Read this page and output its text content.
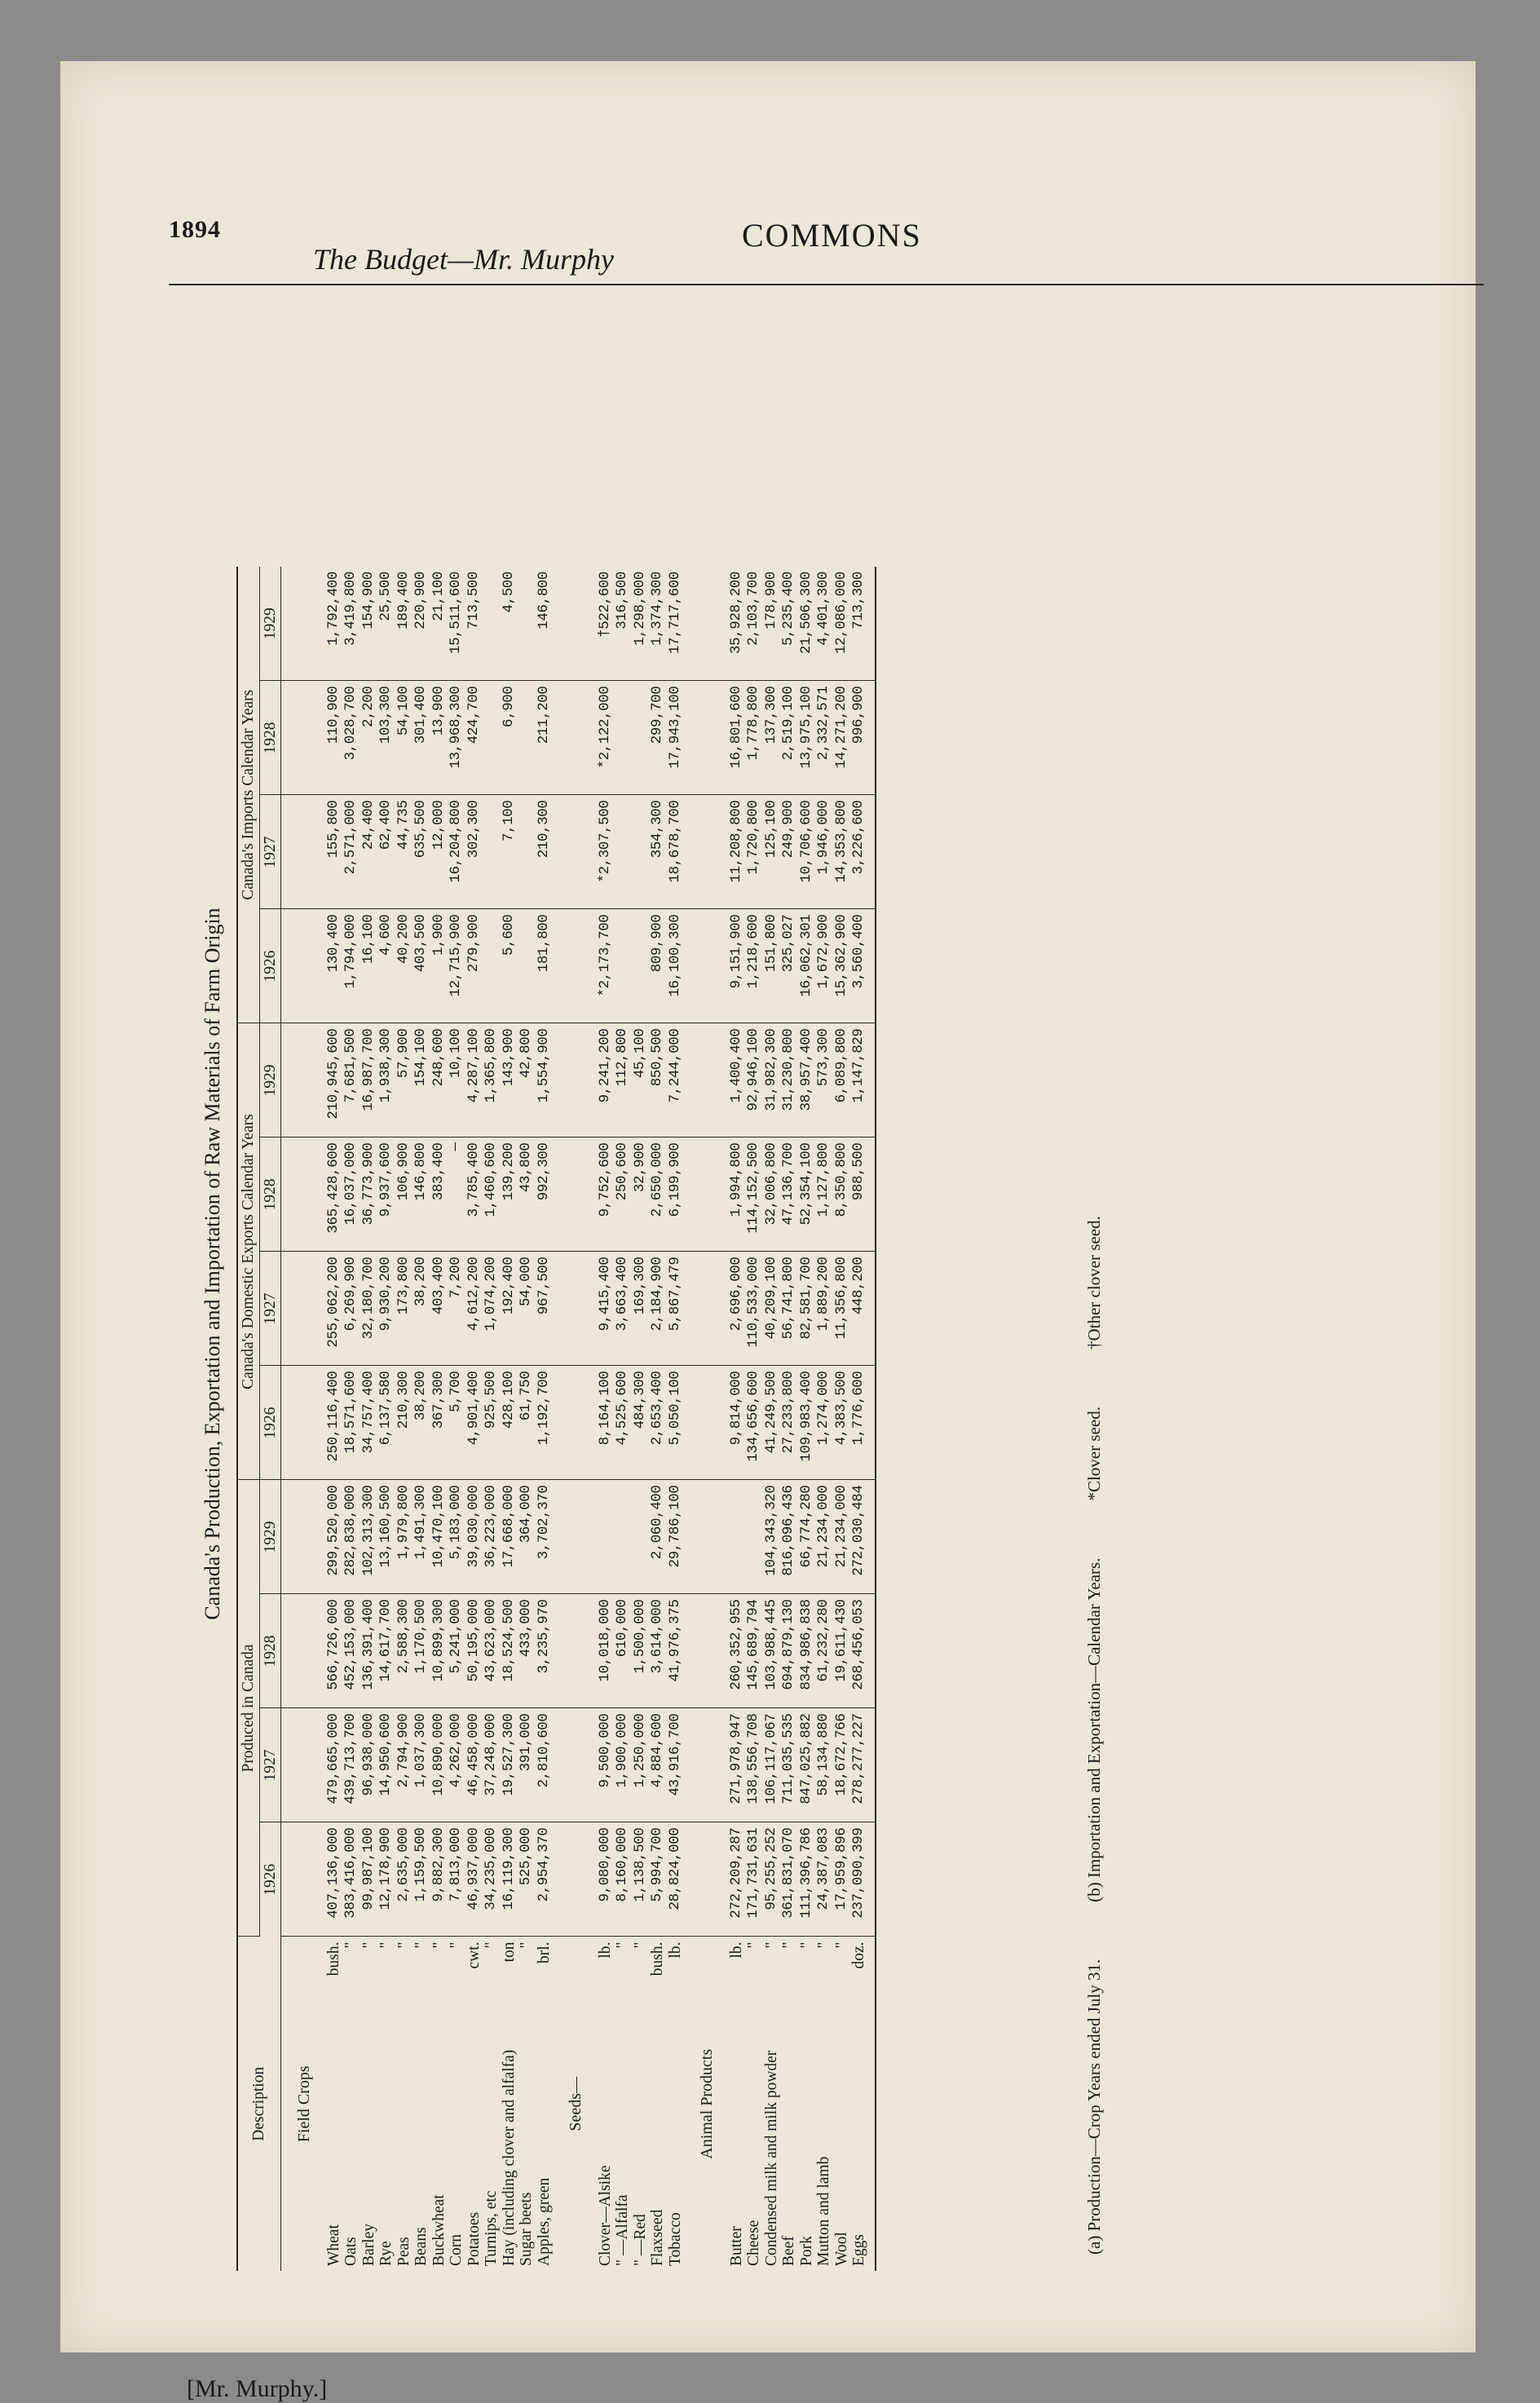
1894
The Budget—Mr. Murphy
COMMONS
[Mr. Murphy.]
Canada's Production, Exportation and Importation of Raw Materials of Farm Origin
Description		Produced in Canada				Canada's Domestic Exports Calendar Years				Canada's Imports Calendar Years			
		1926	1927	1928	1929	1926	1927	1928	1929	1926	1927	1928	1929
Field Crops													
Wheat	bush.	407,136,000	479,665,000	566,726,000	299,520,000	250,116,400	255,062,200	365,428,600	210,945,600	130,400	155,800	110,900	1,792,400
Oats	"	383,416,000	439,713,700	452,153,000	282,838,000	18,571,600	6,269,900	16,037,000	7,681,500	1,794,000	2,571,000	3,028,700	3,419,800
Barley	"	99,987,100	96,938,000	136,391,400	102,313,300	34,757,400	32,180,700	36,773,900	16,987,700	16,100	24,400	2,200	154,900
Rye	"	12,178,900	14,950,600	14,617,700	13,160,500	6,137,580	9,930,200	9,937,600	1,938,300	4,600	62,400	103,300	25,500
Peas	"	2,635,000	2,794,900	2,588,300	1,979,800	210,300	173,800	106,900	57,900	40,200	44,735	54,100	189,400
Beans	"	1,159,500	1,037,300	1,170,500	1,491,300	38,200	38,200	146,800	154,100	403,500	635,500	301,400	220,900
Buckwheat	"	9,882,300	10,890,000	10,899,300	10,470,100	367,300	403,400	383,400	248,600	1,900	12,000	13,900	21,100
Corn	"	7,813,000	4,262,000	5,241,000	5,183,000	5,700	7,200	—	10,100	12,715,900	16,204,800	13,968,300	15,511,600
Potatoes	cwt.	46,937,000	46,458,000	50,195,000	39,030,000	4,901,400	4,612,200	3,785,400	4,287,100	279,900	302,300	424,700	713,500
Turnips, etc	"	34,235,000	37,248,000	43,623,000	36,223,000	925,500	1,074,200	1,460,600	1,365,800				
Hay (including clover and alfalfa)	ton	16,119,300	19,527,300	18,524,500	17,668,000	428,100	192,400	139,200	143,900	5,600	7,100	6,900	4,500
Sugar beets	"	525,000	391,000	433,000	364,000	61,750	54,000	43,800	42,800				
Apples, green	brl.	2,954,370	2,810,600	3,235,970	3,702,370	1,192,700	967,500	992,300	1,554,900	181,800	210,300	211,200	146,800
Seeds—													
Clover—Alsike	lb.	9,080,000	9,500,000	10,018,000		8,164,100	9,415,400	9,752,600	9,241,200	*2,173,700	*2,307,500	*2,122,000	†522,600
" —Alfalfa	"	8,160,000	1,900,000	610,000		4,525,600	3,663,400	250,600	112,800				316,500
" —Red	"	1,138,500	1,250,000	1,500,000		484,300	169,300	32,900	45,100				1,298,000
Flaxseed	bush.	5,994,700	4,884,600	3,614,000	2,060,400	2,653,400	2,184,900	2,650,000	850,500	809,900	354,300	299,700	1,374,300
Tobacco	lb.	28,824,000	43,916,700	41,976,375	29,786,100	5,050,100	5,867,479	6,199,900	7,244,000	16,100,300	18,678,700	17,943,100	17,717,600
Animal Products													
Butter	lb.	272,209,287	271,978,947	260,352,955		9,814,000	2,696,000	1,994,800	1,400,400	9,151,900	11,208,800	16,801,600	35,928,200
Cheese	"	171,731,631	138,556,708	145,689,794		134,656,600	110,533,000	114,152,500	92,946,100	1,218,600	1,720,800	1,778,800	2,103,700
Condensed milk and milk powder	"	95,255,252	106,117,067	103,988,445	104,343,320	41,249,500	40,209,100	32,006,800	31,982,300	151,800	125,100	137,300	178,900
Beef	"	361,831,070	711,035,535	694,879,130	816,096,436	27,233,800	56,741,800	47,136,700	31,230,800	325,027	249,900	2,519,100	5,235,400
Pork	"	111,396,786	847,025,882	834,986,838	66,774,280	109,983,400	82,581,700	52,354,100	38,957,400	16,062,301	10,706,600	13,975,100	21,506,300
Mutton and lamb	"	24,387,083	58,134,880	61,232,280	21,234,000	1,274,000	1,889,200	1,127,800	573,300	1,672,900	1,946,000	2,332,571	4,401,300
Wool	"	17,959,896	18,672,766	19,611,430	21,234,000	4,383,500	11,356,800	8,350,800	6,089,800	15,362,900	14,353,800	14,271,200	12,086,000
Eggs	doz.	237,090,399	278,277,227	268,456,053	272,030,484	1,776,600	448,200	988,500	1,147,829	3,560,400	3,226,600	996,900	713,300
(a) Production—Crop Years ended July 31.(b) Importation and Exportation—Calendar Years.*Clover seed.†Other clover seed.
